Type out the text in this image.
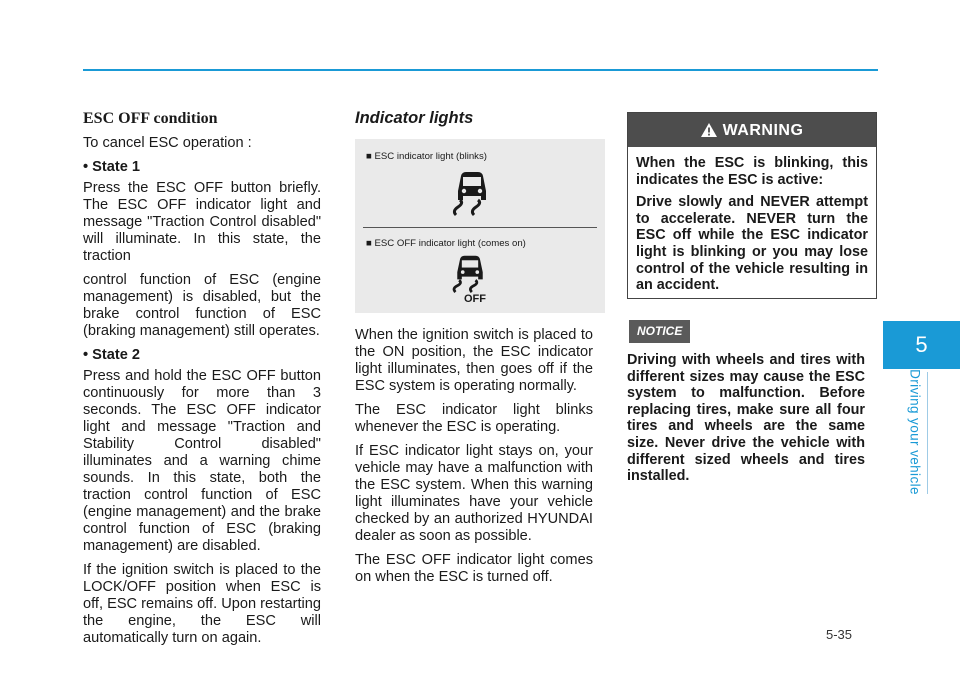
ESC OFF condition

To cancel ESC operation :

• State 1

Press the ESC OFF button briefly. The ESC OFF indicator light and message "Traction Control disabled" will illuminate. In this state, the traction

control function of ESC (engine management) is disabled, but the brake control function of ESC (braking management) still operates.

• State 2

Press and hold the ESC OFF button continuously for more than 3 seconds. The ESC OFF indicator light and message "Traction and Stability Control disabled" illuminates and a warning chime sounds. In this state, both the traction control function of ESC (engine management) and the brake control function of ESC (braking management) are disabled.

If the ignition switch is placed to the LOCK/OFF position when ESC is off, ESC remains off. Upon restarting the engine, the ESC will automatically turn on again.

Indicator lights

■ ESC indicator light (blinks)
■ ESC OFF indicator light (comes on)
OFF

When the ignition switch is placed to the ON position, the ESC indicator light illuminates, then goes off if the ESC system is operating normally.

The ESC indicator light blinks whenever the ESC is operating.

If ESC indicator light stays on, your vehicle may have a malfunction with the ESC system. When this warning light illuminates have your vehicle checked by an authorized HYUNDAI dealer as soon as possible.

The ESC OFF indicator light comes on when the ESC is turned off.

WARNING

When the ESC is blinking, this indicates the ESC is active:

Drive slowly and NEVER attempt to accelerate. NEVER turn the ESC off while the ESC indicator light is blinking or you may lose control of the vehicle resulting in an accident.

NOTICE

Driving with wheels and tires with different sizes may cause the ESC system to malfunction. Before replacing tires, make sure all four tires and wheels are the same size. Never drive the vehicle with different sized wheels and tires installed.

5
Driving your vehicle
5-35
